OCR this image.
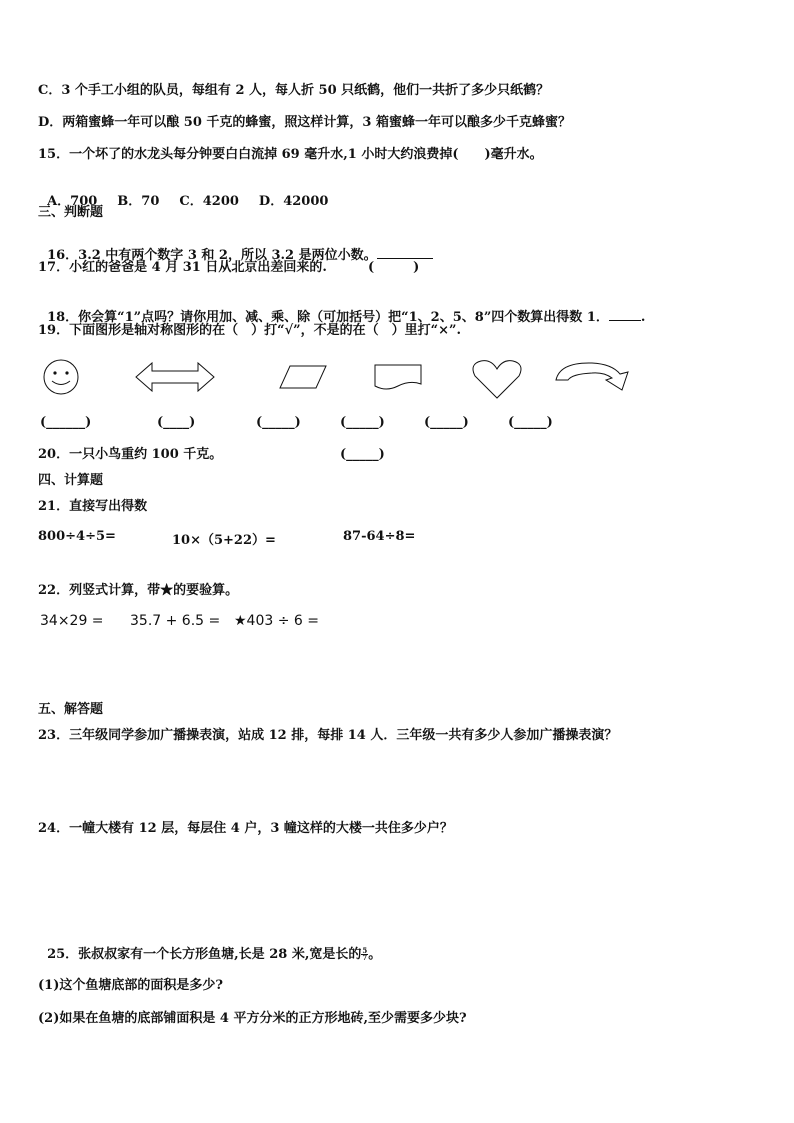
C．3 个手工小组的队员，每组有 2 人，每人折 50 只纸鹤，他们一共折了多少只纸鹤？
D．两箱蜜蜂一年可以酿 50 千克的蜂蜜，照这样计算，3 箱蜜蜂一年可以酿多少千克蜂蜜？
15．一个坏了的水龙头每分钟要白白流掉 69 毫升水,1 小时大约浪费掉(　　)毫升水。

A．700 B．70 C．4200 D．42000

三、判断题

16．3.2 中有两个数字 3 和 2，所以 3.2 是两位小数。

17．小红的爸爸是 4 月 31 日从北京出差回来的.	(　　　)

18．你会算“1”点吗？请你用加、减、乘、除（可加括号）把“1、2、5、8”四个数算出得数 1． .

19．下面图形是轴对称图形的在（　）打“√”，不是的在（　）里打“×”.
(______)	(____)	(_____)	(_____)	(_____)	(_____)
20．一只小鸟重约 100 千克。	(_____)
四、计算题
21．直接写出得数
800÷4÷5=	10×（5+22）=	87-64÷8=
22．列竖式计算，带★的要验算。
34×29 = 35.7 + 6.5 = ★403 ÷ 6 =
五、解答题
23．三年级同学参加广播操表演，站成 12 排，每排 14 人．三年级一共有多少人参加广播操表演？
24．一幢大楼有 12 层，每层住 4 户，3 幢这样的大楼一共住多少户？

25．张叔叔家有一个长方形鱼塘,长是 28 米,宽是长的 $\frac{5}{7}$ 。

(1)这个鱼塘底部的面积是多少?
(2)如果在鱼塘的底部铺面积是 4 平方分米的正方形地砖,至少需要多少块?
